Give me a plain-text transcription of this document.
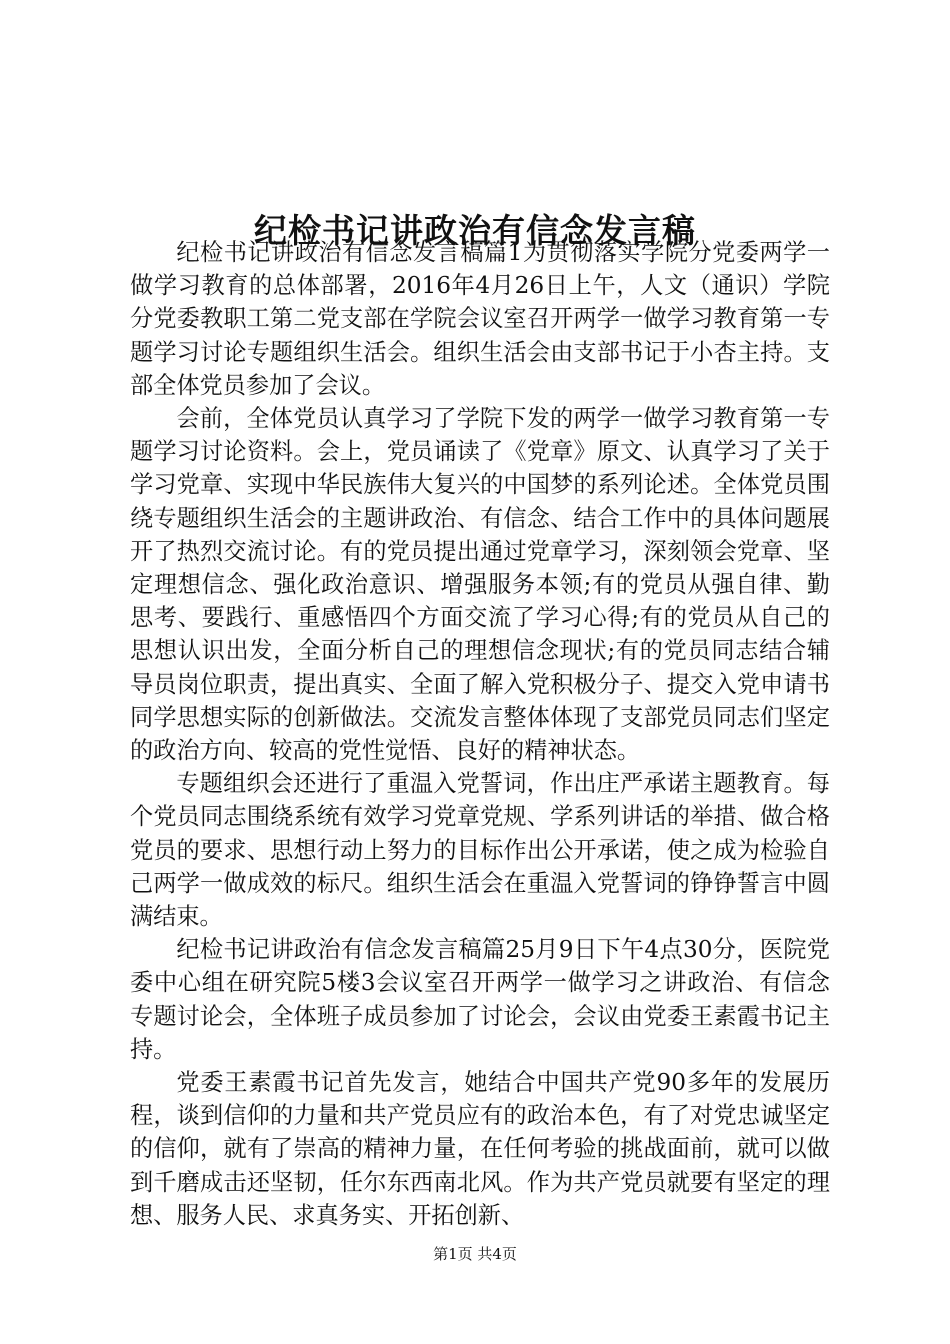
纪检书记讲政治有信念发言稿

纪检书记讲政治有信念发言稿篇1为贯彻落实学院分党委两学一做学习教育的总体部署，2016年4月26日上午，人文（通识）学院分党委教职工第二党支部在学院会议室召开两学一做学习教育第一专题学习讨论专题组织生活会。组织生活会由支部书记于小杏主持。支部全体党员参加了会议。

会前，全体党员认真学习了学院下发的两学一做学习教育第一专题学习讨论资料。会上，党员诵读了《党章》原文、认真学习了关于学习党章、实现中华民族伟大复兴的中国梦的系列论述。全体党员围绕专题组织生活会的主题讲政治、有信念、结合工作中的具体问题展开了热烈交流讨论。有的党员提出通过党章学习，深刻领会党章、坚定理想信念、强化政治意识、增强服务本领;有的党员从强自律、勤思考、要践行、重感悟四个方面交流了学习心得;有的党员从自己的思想认识出发，全面分析自己的理想信念现状;有的党员同志结合辅导员岗位职责，提出真实、全面了解入党积极分子、提交入党申请书同学思想实际的创新做法。交流发言整体体现了支部党员同志们坚定的政治方向、较高的党性觉悟、良好的精神状态。

专题组织会还进行了重温入党誓词，作出庄严承诺主题教育。每个党员同志围绕系统有效学习党章党规、学系列讲话的举措、做合格党员的要求、思想行动上努力的目标作出公开承诺，使之成为检验自己两学一做成效的标尺。组织生活会在重温入党誓词的铮铮誓言中圆满结束。

纪检书记讲政治有信念发言稿篇25月9日下午4点30分，医院党委中心组在研究院5楼3会议室召开两学一做学习之讲政治、有信念专题讨论会，全体班子成员参加了讨论会，会议由党委王素霞书记主持。

党委王素霞书记首先发言，她结合中国共产党90多年的发展历程，谈到信仰的力量和共产党员应有的政治本色，有了对党忠诚坚定的信仰，就有了崇高的精神力量，在任何考验的挑战面前，就可以做到千磨成击还坚韧，任尔东西南北风。作为共产党员就要有坚定的理想、服务人民、求真务实、开拓创新、

第1页 共4页
